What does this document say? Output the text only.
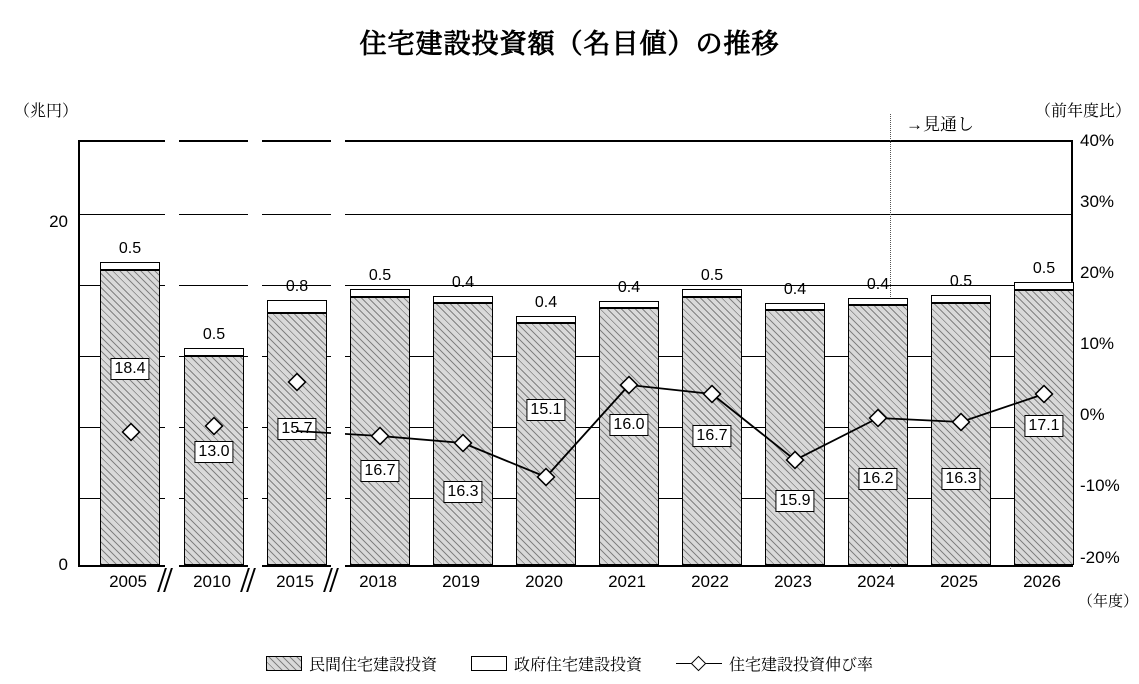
住宅建設投資額（名目値）の推移
（兆円）	（前年度比）
→見通し
20
0
40%
30%
20%
10%
0%
-10%
-20%
0.5
18.4
0.5
13.0
0.8
15.7
0.5
16.7
0.4
16.3
0.4
15.1
0.4
16.0
0.5
16.7
0.4
15.9
0.4
16.2
0.5
16.3
0.5
17.1
2005	2010	2015	2018	2019	2020	2021	2022	2023	2024	2025	2026
（年度）
民間住宅建設投資	政府住宅建設投資	住宅建設投資伸び率
